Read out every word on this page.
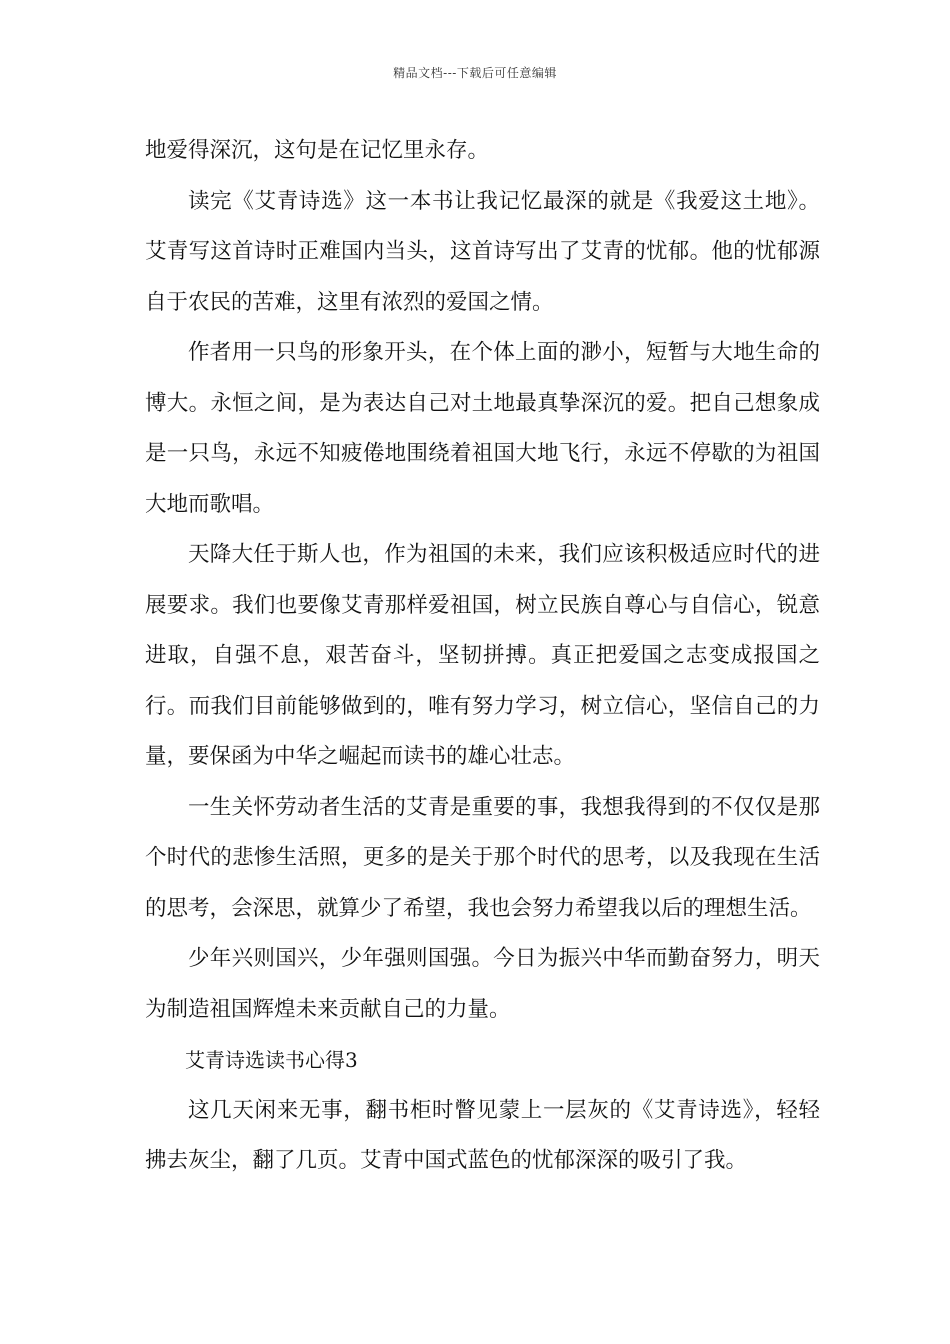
精品文档---下载后可任意编辑

地爱得深沉，这句是在记忆里永存。

读完《艾青诗选》这一本书让我记忆最深的就是《我爱这土地》。艾青写这首诗时正难国内当头，这首诗写出了艾青的忧郁。他的忧郁源自于农民的苦难，这里有浓烈的爱国之情。

作者用一只鸟的形象开头，在个体上面的渺小，短暂与大地生命的博大。永恒之间，是为表达自己对土地最真挚深沉的爱。把自己想象成是一只鸟，永远不知疲倦地围绕着祖国大地飞行，永远不停歇的为祖国大地而歌唱。

天降大任于斯人也，作为祖国的未来，我们应该积极适应时代的进展要求。我们也要像艾青那样爱祖国，树立民族自尊心与自信心，锐意进取，自强不息，艰苦奋斗，坚韧拼搏。真正把爱国之志变成报国之行。而我们目前能够做到的，唯有努力学习，树立信心，坚信自己的力量，要保函为中华之崛起而读书的雄心壮志。

一生关怀劳动者生活的艾青是重要的事，我想我得到的不仅仅是那个时代的悲惨生活照，更多的是关于那个时代的思考，以及我现在生活的思考，会深思，就算少了希望，我也会努力希望我以后的理想生活。

少年兴则国兴，少年强则国强。今日为振兴中华而勤奋努力，明天为制造祖国辉煌未来贡献自己的力量。

艾青诗选读书心得3

这几天闲来无事，翻书柜时瞥见蒙上一层灰的《艾青诗选》，轻轻拂去灰尘，翻了几页。艾青中国式蓝色的忧郁深深的吸引了我。
